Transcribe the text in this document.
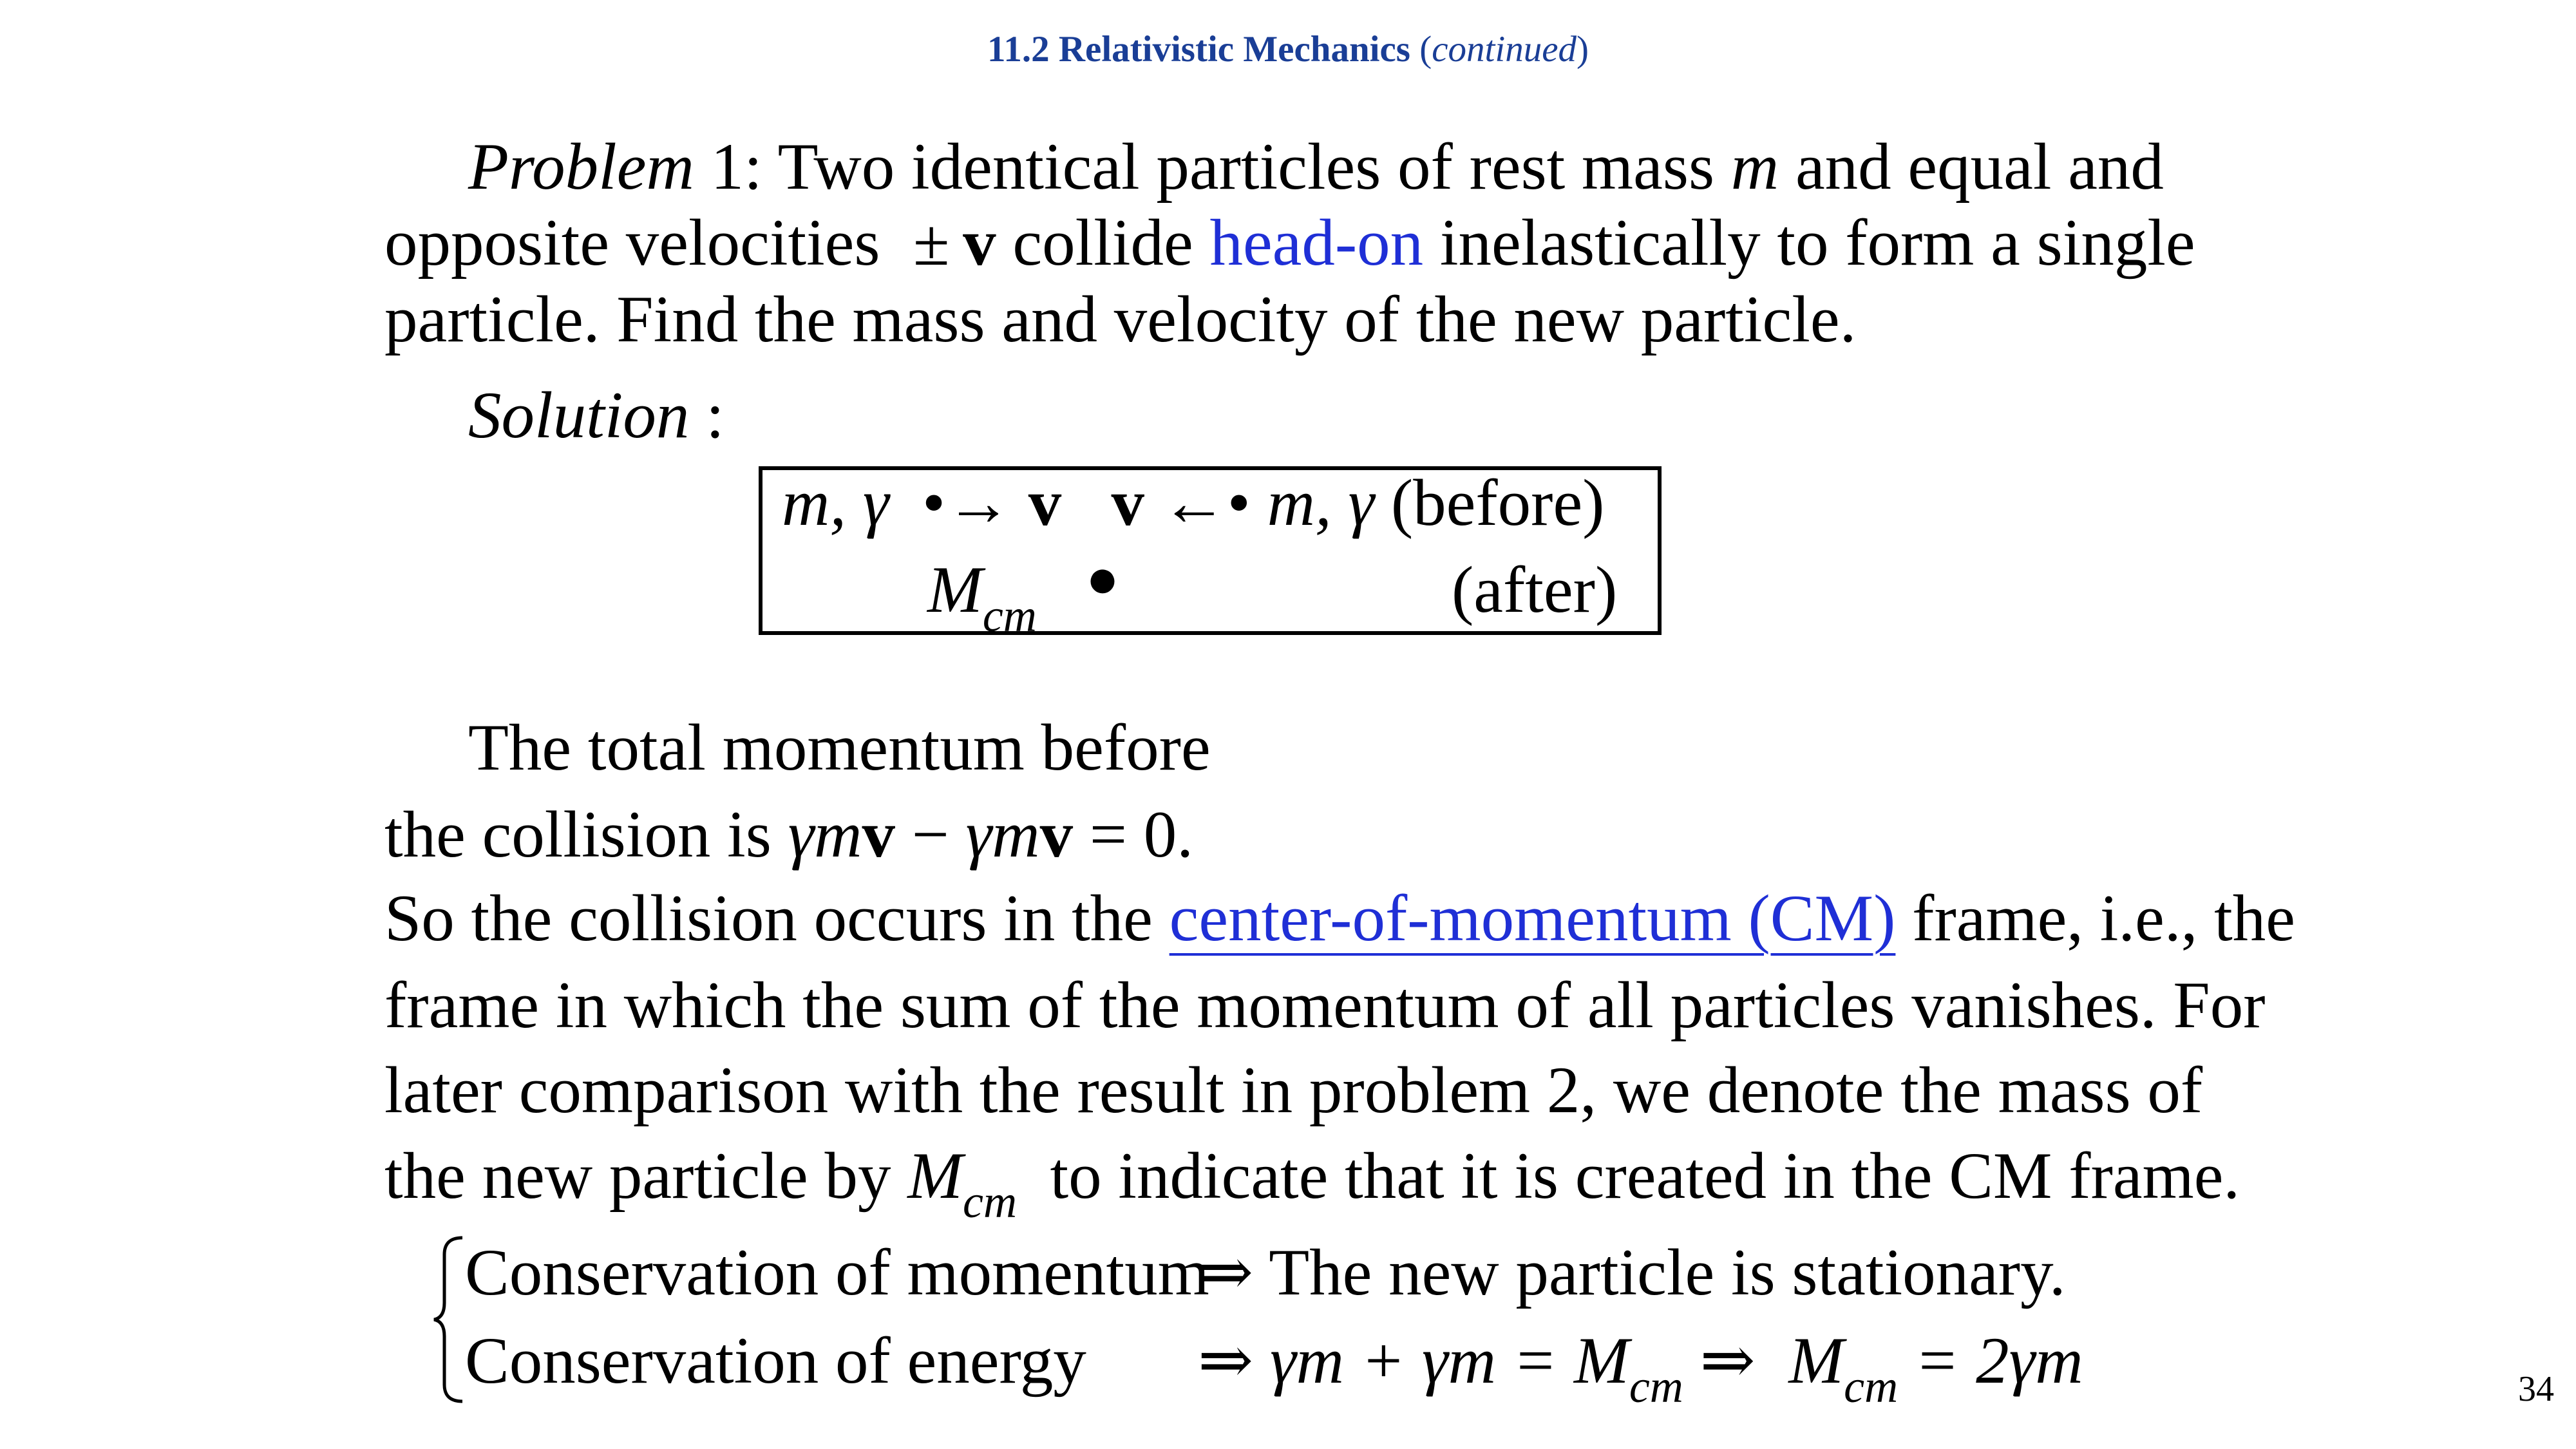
11.2 Relativistic Mechanics (continued)
Problem 1: Two identical particles of rest mass m and equal and
opposite velocities ±  v collide head-on inelastically to form a single
particle. Find the mass and velocity of the new particle.
Solution :
m, γ •→ v v ←• m, γ (before)
$M_{cm}$
●	(after)
The total momentum before
the collision is γmv − γmv = 0.
So the collision occurs in the center-of-momentum (CM) frame, i.e., the
frame in which the sum of the momentum of all particles vanishes. For
later comparison with the result in problem 2, we denote the mass of
the new particle by $M_{cm}$ to indicate that it is created in the CM frame.
Conservation of momentum
⇒ The new particle is stationary.
Conservation of energy ⇒ $\gamma m + \gamma m = M_{cm}$ ⇒ $M_{cm} = 2\gamma m$	34
